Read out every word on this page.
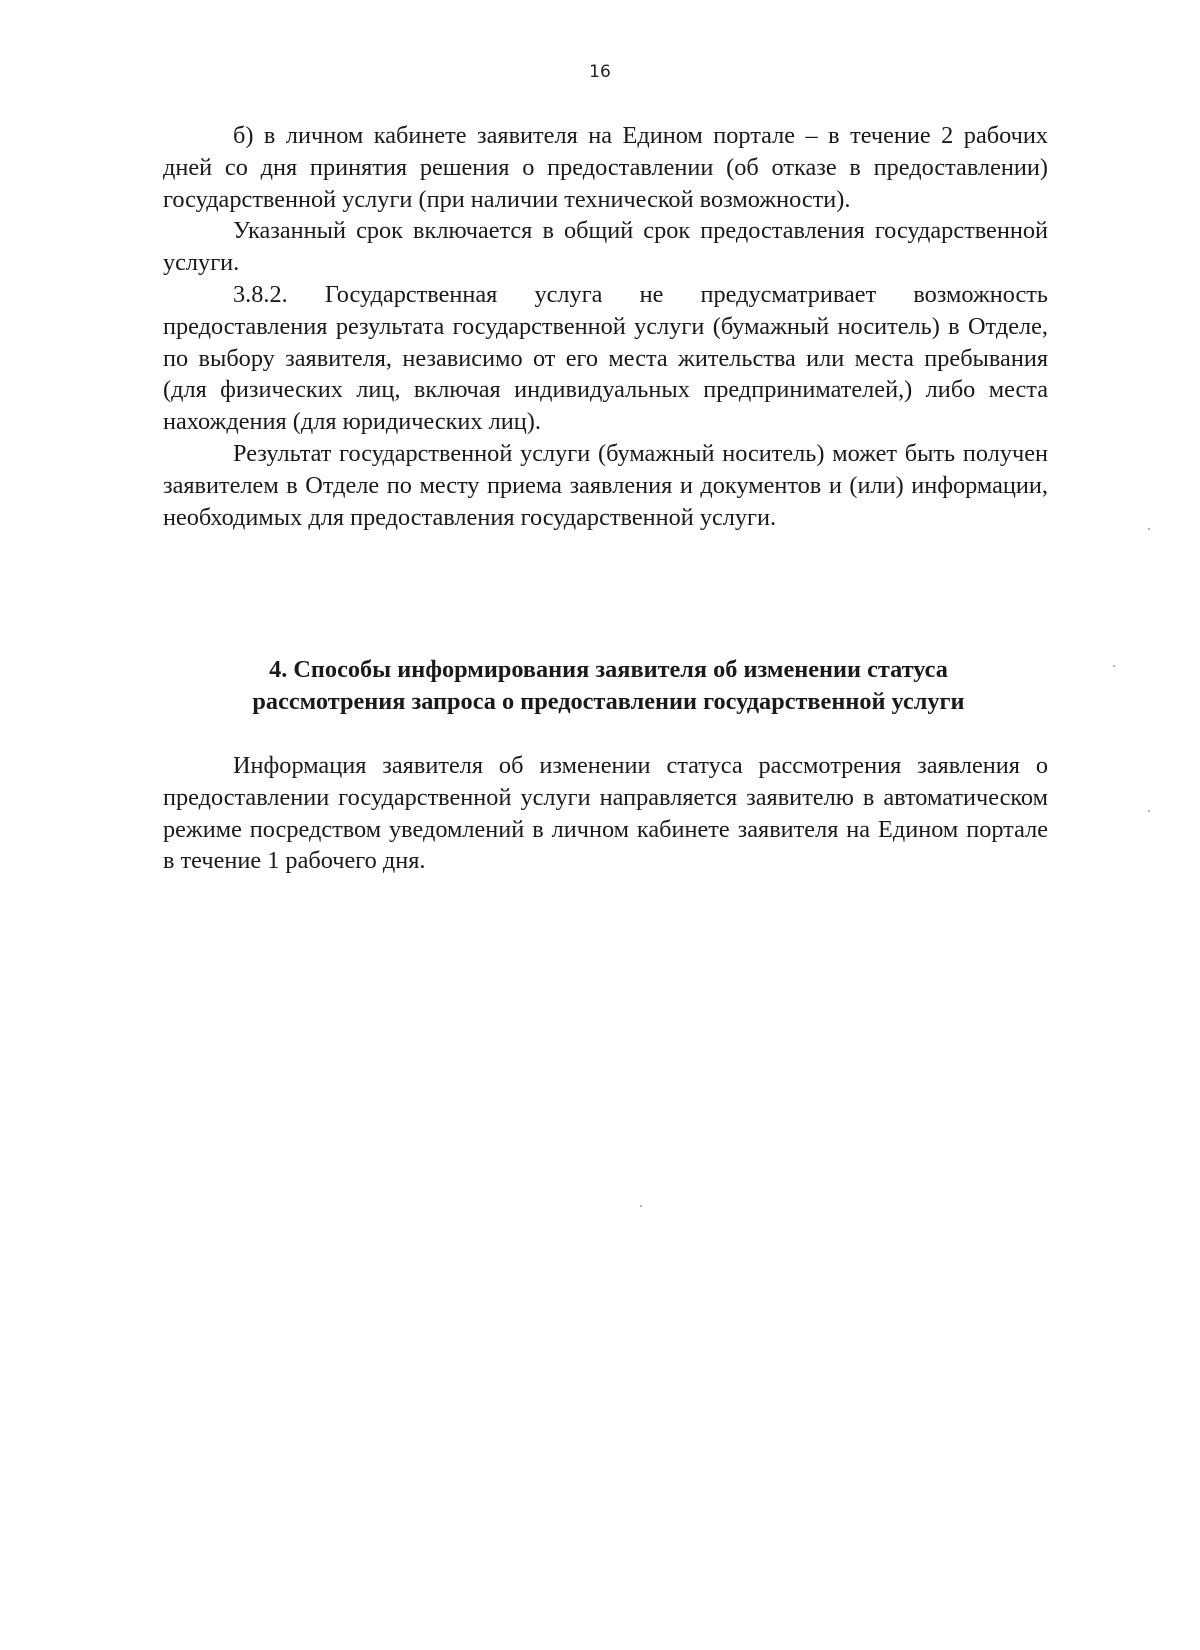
16

б) в личном кабинете заявителя на Едином портале – в течение 2 рабочих дней со дня принятия решения о предоставлении (об отказе в предоставлении) государственной услуги (при наличии технической возможности).

Указанный срок включается в общий срок предоставления государственной услуги.

3.8.2. Государственная услуга не предусматривает возможность предоставления результата государственной услуги (бумажный носитель) в Отделе, по выбору заявителя, независимо от его места жительства или места пребывания (для физических лиц, включая индивидуальных предпринимателей,) либо места нахождения (для юридических лиц).

Результат государственной услуги (бумажный носитель) может быть получен заявителем в Отделе по месту приема заявления и документов и (или) информации, необходимых для предоставления государственной услуги.

4. Способы информирования заявителя об изменении статуса
рассмотрения запроса о предоставлении государственной услуги

Информация заявителя об изменении статуса рассмотрения заявления о предоставлении государственной услуги направляется заявителю в автоматическом режиме посредством уведомлений в личном кабинете заявителя на Едином портале в течение 1 рабочего дня.
